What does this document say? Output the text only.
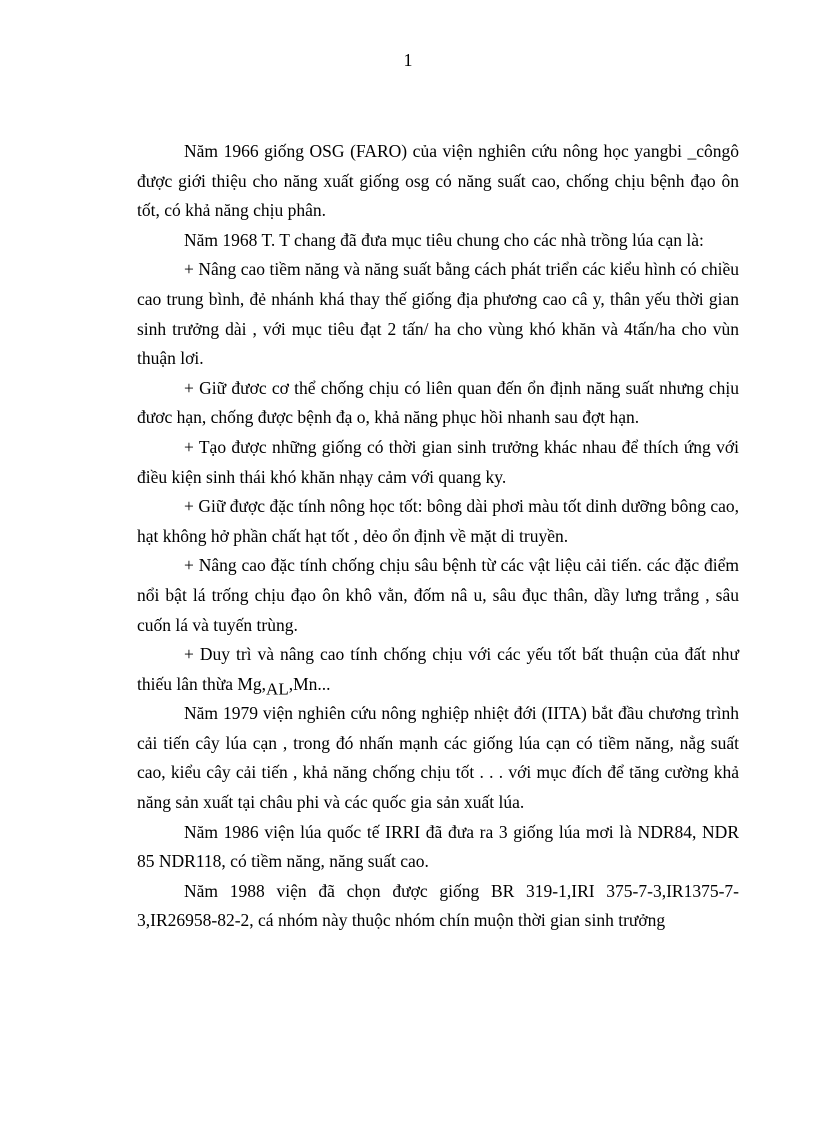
1

Năm 1966 giống OSG (FARO) của viện nghiên cứu nông học yangbi _côngô được giới thiệu cho năng xuất giống osg có năng suất cao, chống chịu bệnh đạo ôn tốt, có khả năng chịu phân.

Năm 1968 T. T chang đã đưa mục tiêu chung cho các nhà trồng lúa cạn là:

+ Nâng cao tiềm năng và năng suất bằng cách phát triển các kiểu hình có chiều cao trung bình, đẻ nhánh khá thay thế giống địa phương cao câ y, thân yếu thời gian sinh trưởng dài , với mục tiêu đạt 2 tấn/ ha cho vùng khó khăn và 4tấn/ha cho vùn thuận lơi.

+ Giữ đươc cơ thể chống chịu có liên quan đến ổn định năng suất nhưng chịu đươc hạn, chống được bệnh đạ o, khả năng phục hồi nhanh sau đợt hạn.

+ Tạo được những giống có thời gian sinh trưởng khác nhau để thích ứng với điều kiện sinh thái khó khăn nhạy cảm với quang ky.

+ Giữ được đặc tính nông học tốt: bông dài phơi màu tốt dinh dưỡng bông cao, hạt không hở phần chất hạt tốt , dẻo ổn định về mặt di truyền.

+ Nâng cao đặc tính chống chịu sâu bệnh từ các vật liệu cải tiến. các đặc điểm nổi bật lá trống chịu đạo ôn khô vằn, đốm nâ u, sâu đục thân, dầy lưng trắng , sâu cuốn lá và tuyến trùng.

+ Duy trì và nâng cao tính chống chịu với các yếu tốt bất thuận của đất như thiếu lân thừa Mg,AL,Mn...

Năm 1979 viện nghiên cứu nông nghiệp nhiệt đới (IITA) bắt đầu chương trình cải tiến cây lúa cạn , trong đó nhấn mạnh các giống lúa cạn có tiềm năng, nẳg suất cao, kiểu cây cải tiến , khả năng chống chịu tốt . . . với mục đích để tăng cường khả năng sản xuất tại châu phi và các quốc gia sản xuất lúa.

Năm 1986 viện lúa quốc tế IRRI đã đưa ra 3 giống lúa mơi là NDR84, NDR 85 NDR118, có tiềm năng, năng suất cao.

Năm 1988 viện đã chọn được giống BR 319-1,IRI 375-7-3,IR1375-7-3,IR26958-82-2, cá nhóm này thuộc nhóm chín muộn thời gian sinh trưởng
